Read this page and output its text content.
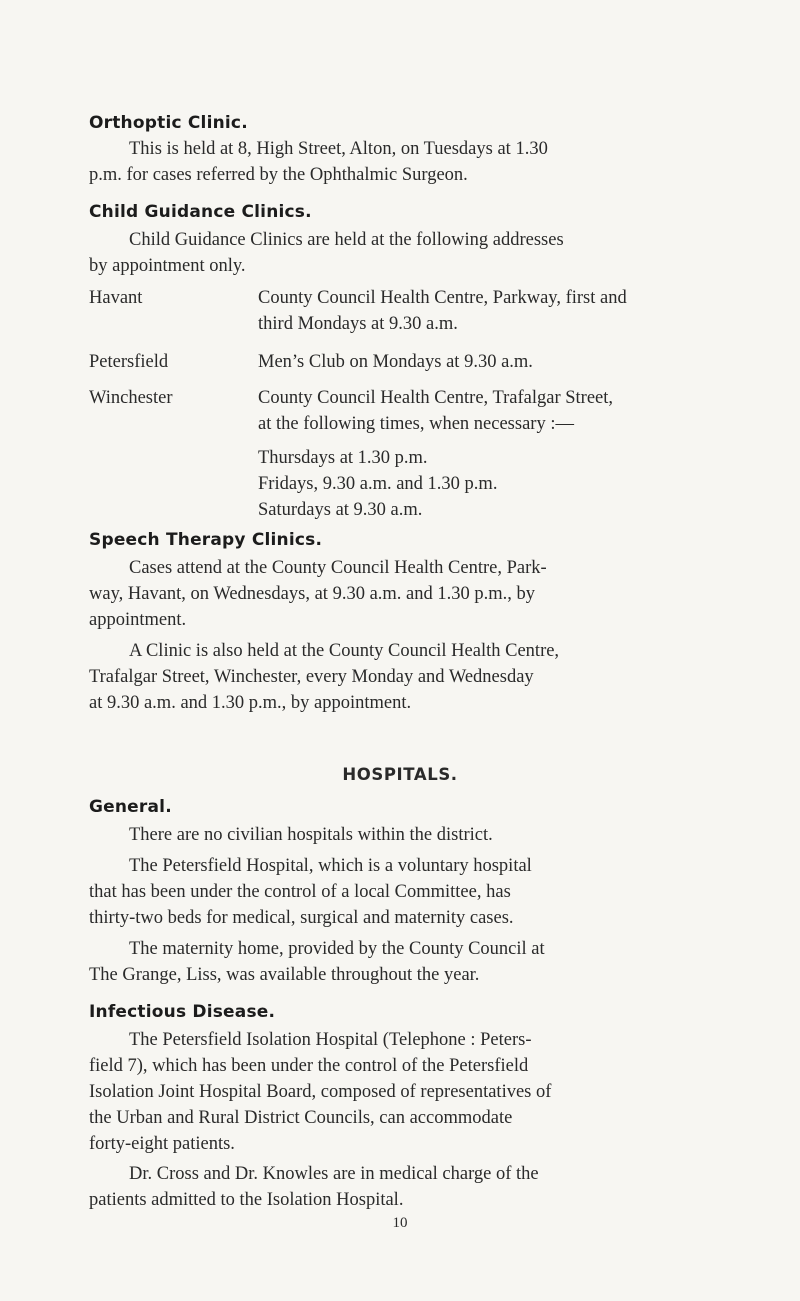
Orthoptic Clinic.
This is held at 8, High Street, Alton, on Tuesdays at 1.30
p.m. for cases referred by the Ophthalmic Surgeon.
Child Guidance Clinics.
Child Guidance Clinics are held at the following addresses
by appointment only.
Havant	County Council Health Centre, Parkway, first and
third Mondays at 9.30 a.m.
Petersfield	Men’s Club on Mondays at 9.30 a.m.
Winchester	County Council Health Centre, Trafalgar Street,
at the following times, when necessary :—
Thursdays at 1.30 p.m.
Fridays, 9.30 a.m. and 1.30 p.m.
Saturdays at 9.30 a.m.
Speech Therapy Clinics.
Cases attend at the County Council Health Centre, Park-
way, Havant, on Wednesdays, at 9.30 a.m. and 1.30 p.m., by
appointment.
A Clinic is also held at the County Council Health Centre,
Trafalgar Street, Winchester, every Monday and Wednesday
at 9.30 a.m. and 1.30 p.m., by appointment.
HOSPITALS.
General.
There are no civilian hospitals within the district.
The Petersfield Hospital, which is a voluntary hospital
that has been under the control of a local Committee, has
thirty-two beds for medical, surgical and maternity cases.
The maternity home, provided by the County Council at
The Grange, Liss, was available throughout the year.
Infectious Disease.
The Petersfield Isolation Hospital (Telephone : Peters-
field 7), which has been under the control of the Petersfield
Isolation Joint Hospital Board, composed of representatives of
the Urban and Rural District Councils, can accommodate
forty-eight patients.
Dr. Cross and Dr. Knowles are in medical charge of the
patients admitted to the Isolation Hospital.
10
